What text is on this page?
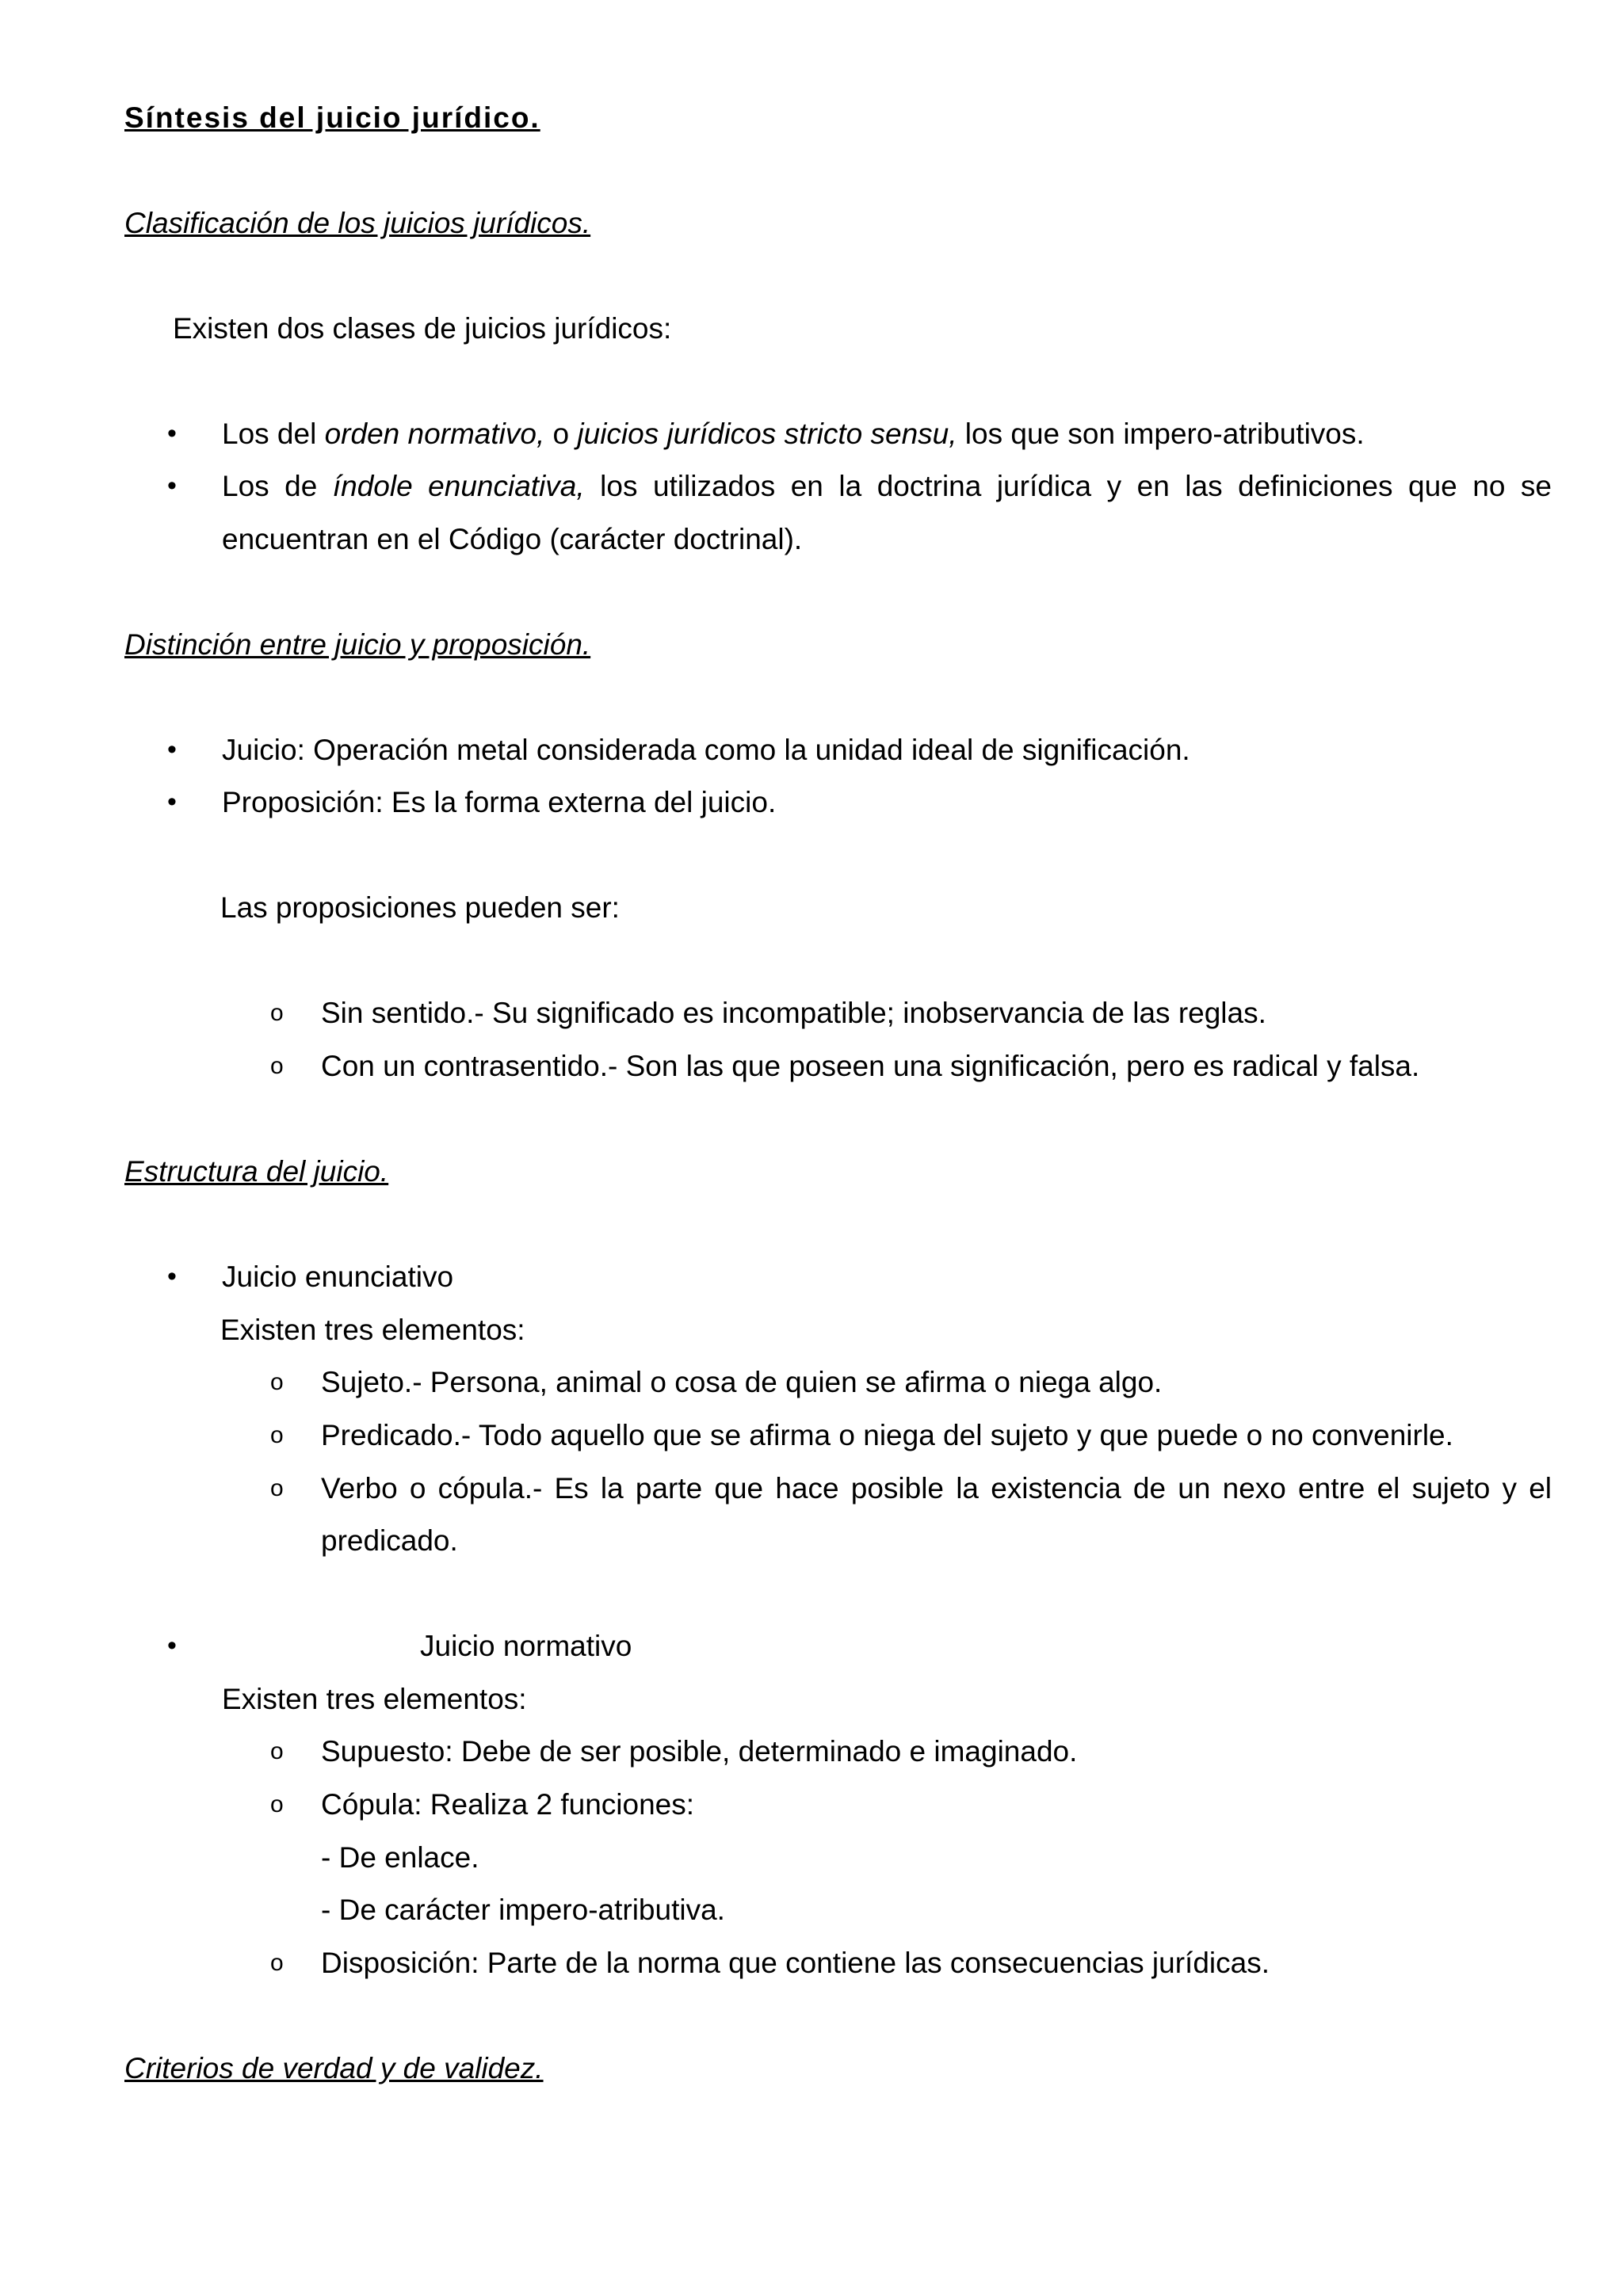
Síntesis del juicio jurídico.
Clasificación de los juicios jurídicos.
Existen dos clases de juicios jurídicos:
•	Los del orden normativo, o juicios jurídicos stricto sensu, los que son impero-atributivos.
•	Los de índole enunciativa, los utilizados en la doctrina jurídica y en las definiciones que no se
encuentran en el Código (carácter doctrinal).
Distinción entre juicio y proposición.
•	Juicio: Operación metal considerada como la unidad ideal de significación.
•	Proposición: Es la forma externa del juicio.
Las proposiciones pueden ser:
o	Sin sentido.- Su significado es incompatible; inobservancia de las reglas.
o	Con un contrasentido.- Son las que poseen una significación, pero es radical y falsa.
Estructura del juicio.
•	Juicio enunciativo
Existen tres elementos:
o	Sujeto.- Persona, animal o cosa de quien se afirma o niega algo.
o	Predicado.- Todo aquello que se afirma o niega del sujeto y que puede o no convenirle.
o	Verbo o cópula.- Es la parte que hace posible la existencia de un nexo entre el sujeto y el
predicado.
•	Juicio normativo
Existen tres elementos:
o	Supuesto: Debe de ser posible, determinado e imaginado.
o	Cópula: Realiza 2 funciones:
- De enlace.
- De carácter impero-atributiva.
o	Disposición: Parte de la norma que contiene las consecuencias jurídicas.
Criterios de verdad y de validez.
